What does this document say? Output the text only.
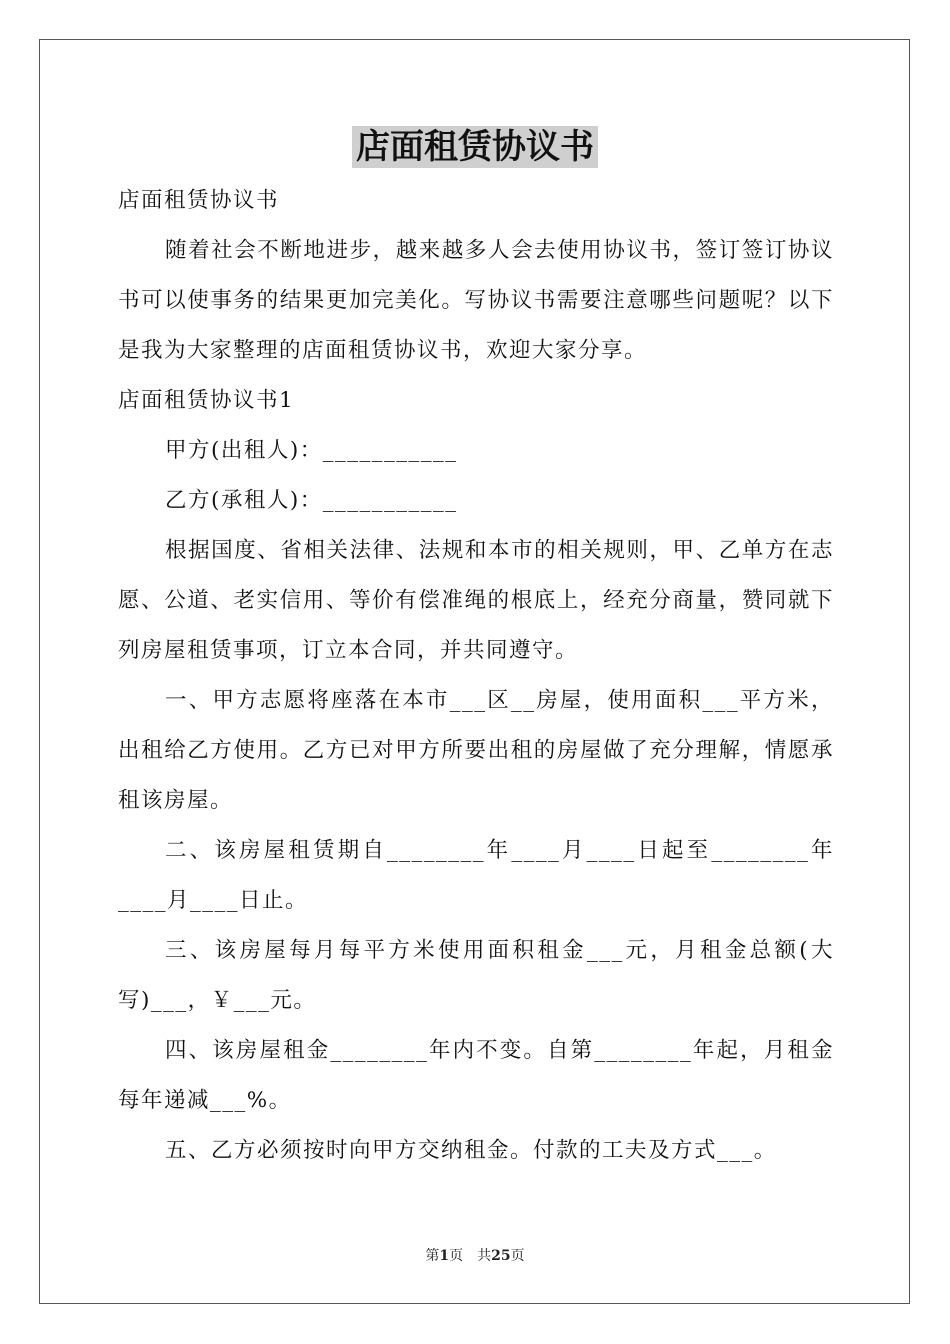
店面租赁协议书

店面租赁协议书

随着社会不断地进步，越来越多人会去使用协议书，签订签订协议书可以使事务的结果更加完美化。写协议书需要注意哪些问题呢？以下是我为大家整理的店面租赁协议书，欢迎大家分享。

店面租赁协议书1

甲方(出租人)：___________

乙方(承租人)：___________

根据国度、省相关法律、法规和本市的相关规则，甲、乙单方在志愿、公道、老实信用、等价有偿准绳的根底上，经充分商量，赞同就下列房屋租赁事项，订立本合同，并共同遵守。

一、甲方志愿将座落在本市___区__房屋，使用面积___平方米，出租给乙方使用。乙方已对甲方所要出租的房屋做了充分理解，情愿承租该房屋。

二、该房屋租赁期自________年____月____日起至________年____月____日止。

三、该房屋每月每平方米使用面积租金___元，月租金总额(大写)___，￥___元。

四、该房屋租金________年内不变。自第________年起，月租金每年递减___%。

五、乙方必须按时向甲方交纳租金。付款的工夫及方式___。

第1页 共25页
